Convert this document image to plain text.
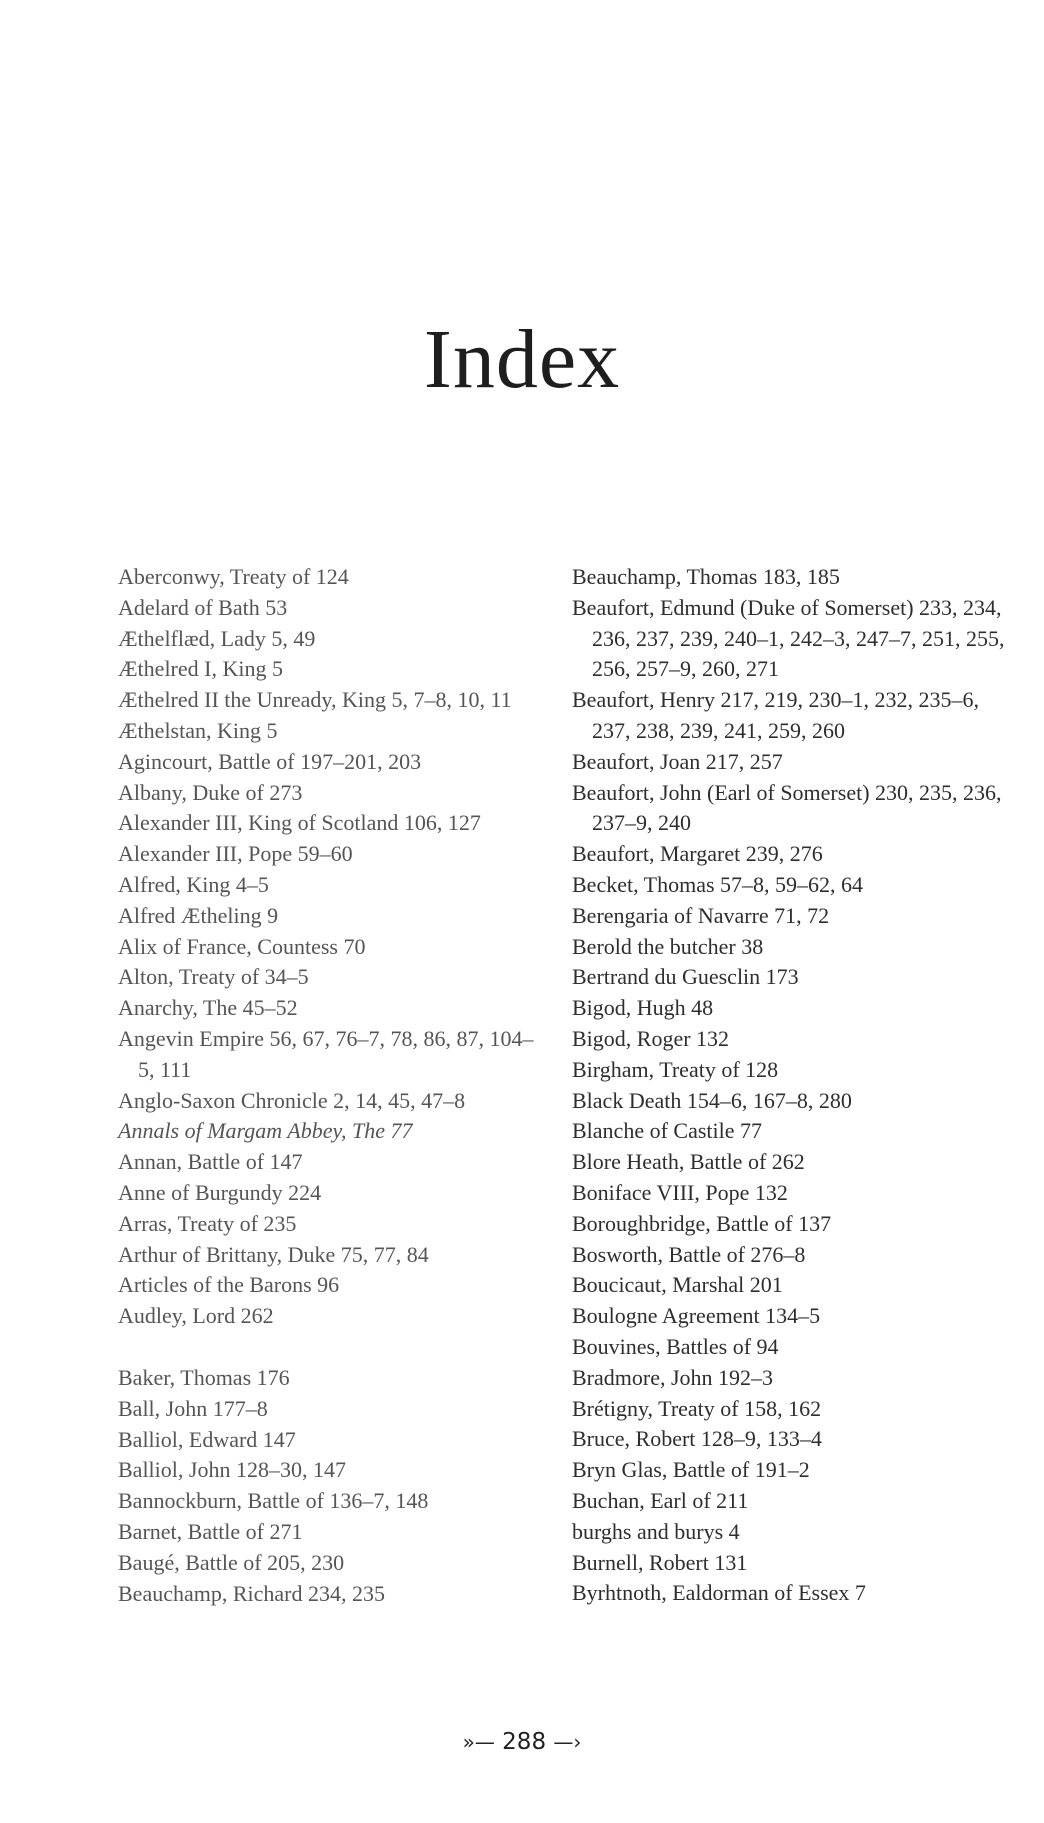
Index
Aberconwy, Treaty of 124
Adelard of Bath 53
Æthelflæd, Lady 5, 49
Æthelred I, King 5
Æthelred II the Unready, King 5, 7–8, 10, 11
Æthelstan, King 5
Agincourt, Battle of 197–201, 203
Albany, Duke of 273
Alexander III, King of Scotland 106, 127
Alexander III, Pope 59–60
Alfred, King 4–5
Alfred Ætheling 9
Alix of France, Countess 70
Alton, Treaty of 34–5
Anarchy, The 45–52
Angevin Empire 56, 67, 76–7, 78, 86, 87, 104–5, 111
Anglo-Saxon Chronicle 2, 14, 45, 47–8
Annals of Margam Abbey, The 77
Annan, Battle of 147
Anne of Burgundy 224
Arras, Treaty of 235
Arthur of Brittany, Duke 75, 77, 84
Articles of the Barons 96
Audley, Lord 262
Baker, Thomas 176
Ball, John 177–8
Balliol, Edward 147
Balliol, John 128–30, 147
Bannockburn, Battle of 136–7, 148
Barnet, Battle of 271
Baugé, Battle of 205, 230
Beauchamp, Richard 234, 235
Beauchamp, Thomas 183, 185
Beaufort, Edmund (Duke of Somerset) 233, 234, 236, 237, 239, 240–1, 242–3, 247–7, 251, 255, 256, 257–9, 260, 271
Beaufort, Henry 217, 219, 230–1, 232, 235–6, 237, 238, 239, 241, 259, 260
Beaufort, Joan 217, 257
Beaufort, John (Earl of Somerset) 230, 235, 236, 237–9, 240
Beaufort, Margaret 239, 276
Becket, Thomas 57–8, 59–62, 64
Berengaria of Navarre 71, 72
Berold the butcher 38
Bertrand du Guesclin 173
Bigod, Hugh 48
Bigod, Roger 132
Birgham, Treaty of 128
Black Death 154–6, 167–8, 280
Blanche of Castile 77
Blore Heath, Battle of 262
Boniface VIII, Pope 132
Boroughbridge, Battle of 137
Bosworth, Battle of 276–8
Boucicaut, Marshal 201
Boulogne Agreement 134–5
Bouvines, Battles of 94
Bradmore, John 192–3
Brétigny, Treaty of 158, 162
Bruce, Robert 128–9, 133–4
Bryn Glas, Battle of 191–2
Buchan, Earl of 211
burghs and burys 4
Burnell, Robert 131
Byrhtnoth, Ealdorman of Essex 7
»— 288 —›
